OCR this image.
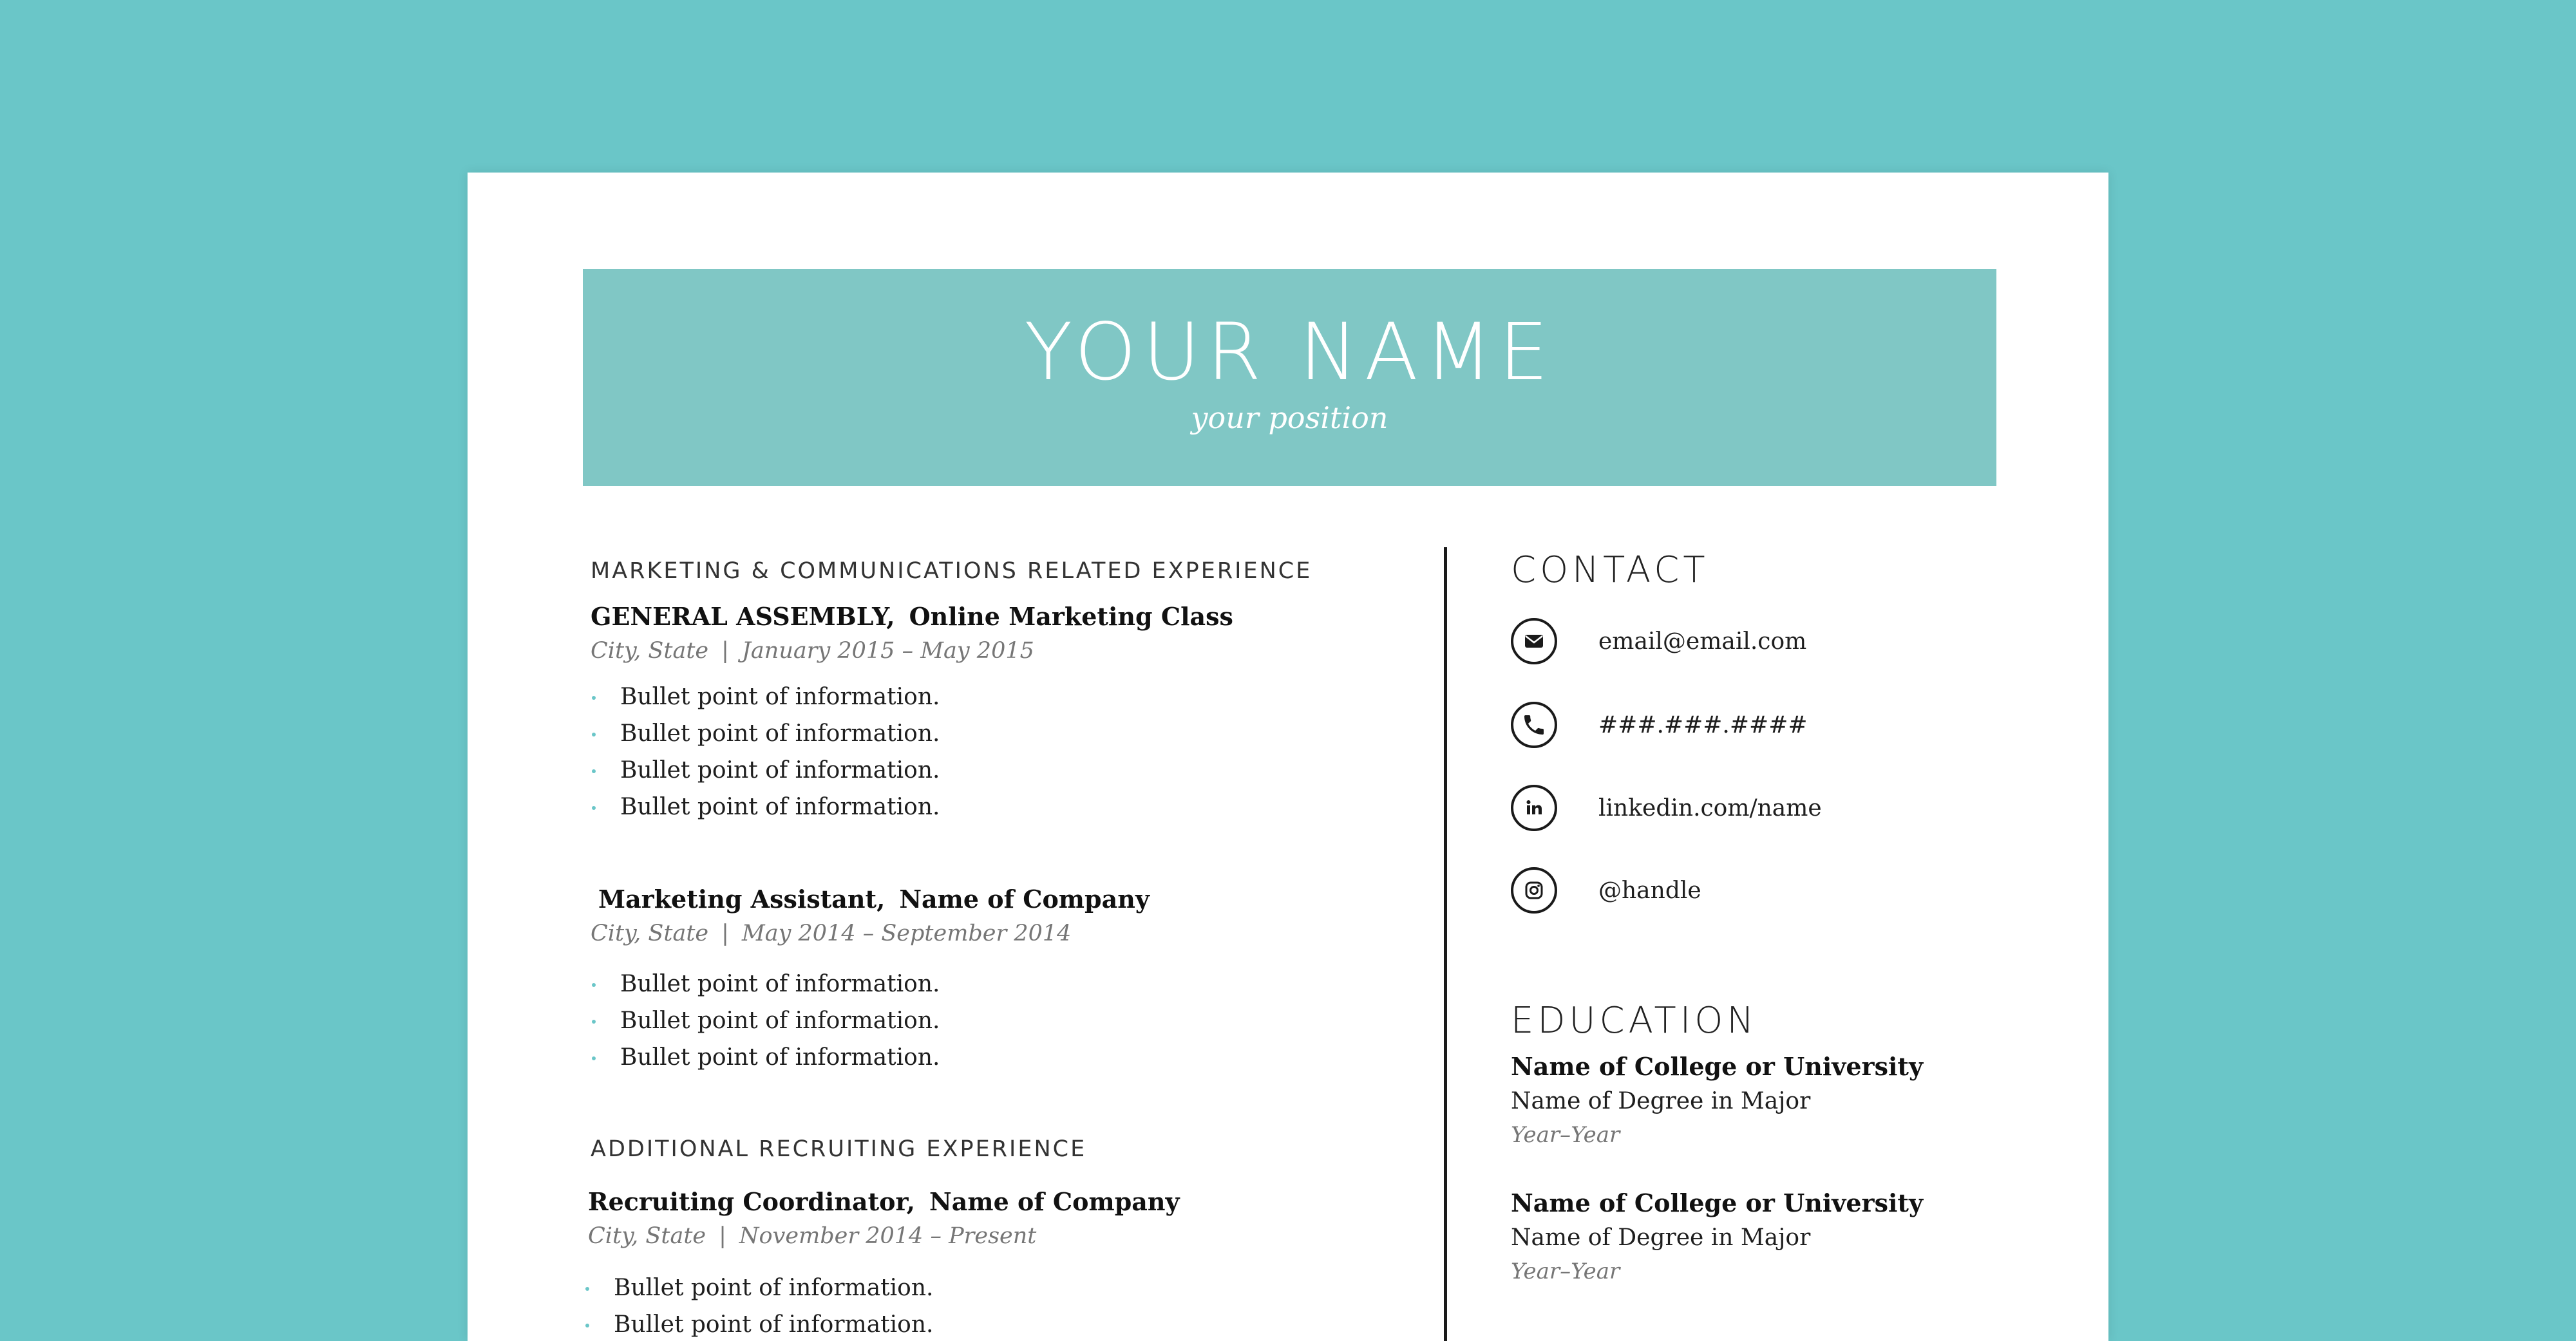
YOUR NAME
your position
MARKETING & COMMUNICATIONS RELATED EXPERIENCE
GENERAL ASSEMBLY, Online Marketing Class
City, State | January 2015 – May 2015
Bullet point of information.
Bullet point of information.
Bullet point of information.
Bullet point of information.
Marketing Assistant, Name of Company
City, State | May 2014 – September 2014
Bullet point of information.
Bullet point of information.
Bullet point of information.
ADDITIONAL RECRUITING EXPERIENCE
Recruiting Coordinator, Name of Company
City, State | November 2014 – Present
Bullet point of information.
Bullet point of information.
CONTACT
email@email.com
###.###.####
linkedin.com/name
@handle
EDUCATION
Name of College or University
Name of Degree in Major
Year–Year
Name of College or University
Name of Degree in Major
Year–Year
